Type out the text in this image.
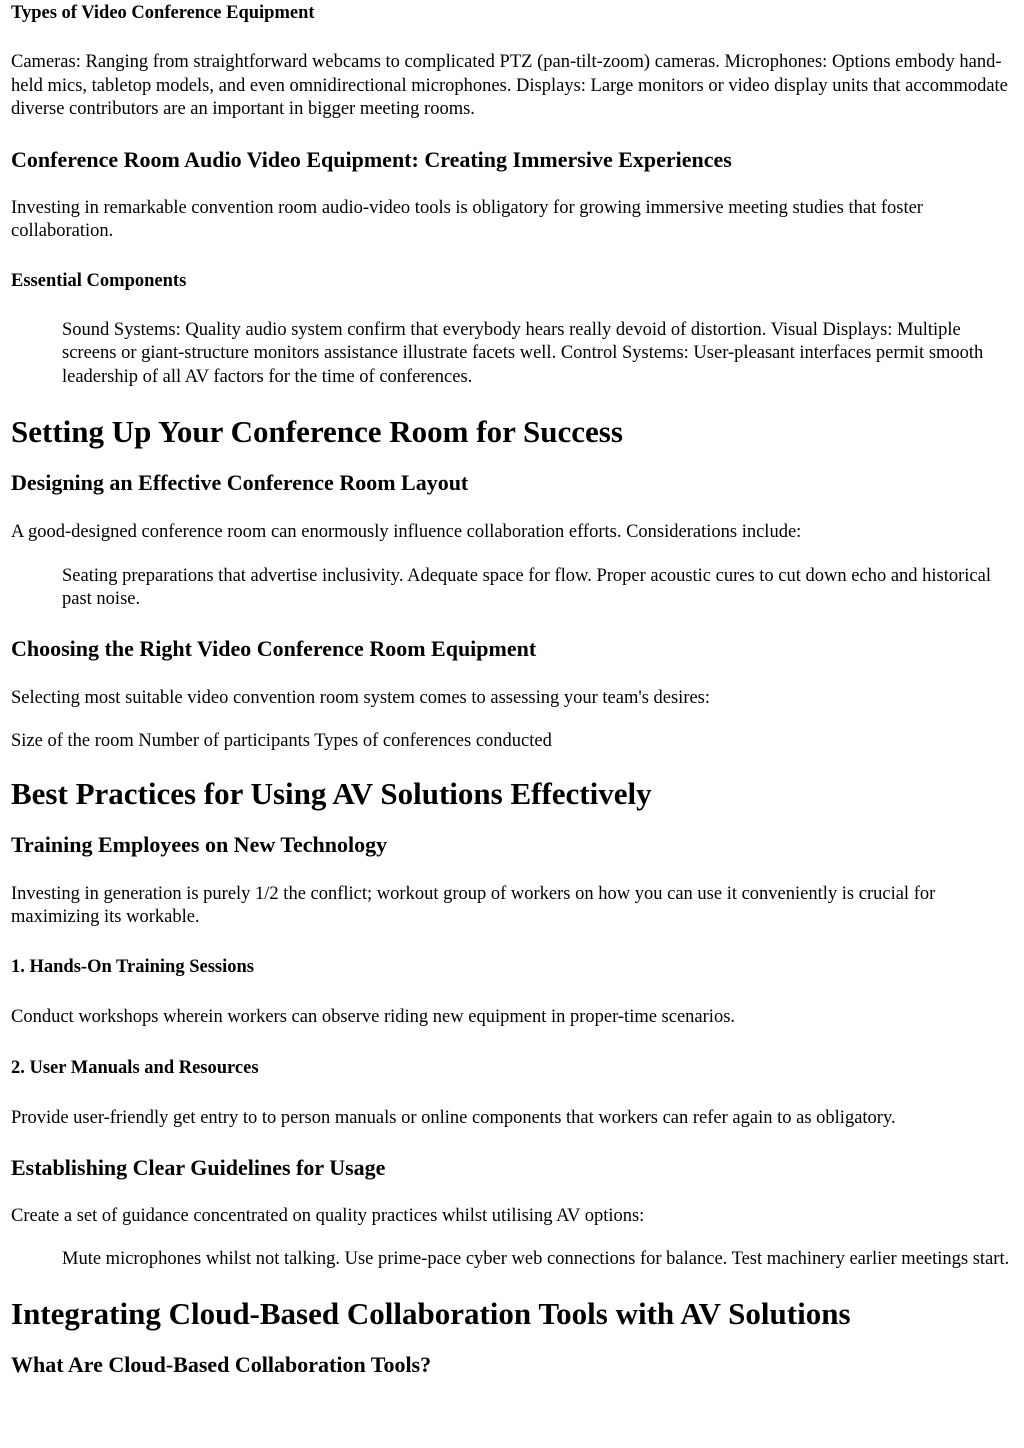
Types of Video Conference Equipment

Cameras: Ranging from straightforward webcams to complicated PTZ (pan-tilt-zoom) cameras. Microphones: Options embody hand-held mics, tabletop models, and even omnidirectional microphones. Displays: Large monitors or video display units that accommodate diverse contributors are an important in bigger meeting rooms.

Conference Room Audio Video Equipment: Creating Immersive Experiences

Investing in remarkable convention room audio-video tools is obligatory for growing immersive meeting studies that foster collaboration.

Essential Components
Sound Systems: Quality audio system confirm that everybody hears really devoid of distortion. Visual Displays: Multiple screens or giant-structure monitors assistance illustrate facets well. Control Systems: User-pleasant interfaces permit smooth leadership of all AV factors for the time of conferences.
Setting Up Your Conference Room for Success
Designing an Effective Conference Room Layout

A good-designed conference room can enormously influence collaboration efforts. Considerations include:

Seating preparations that advertise inclusivity. Adequate space for flow. Proper acoustic cures to cut down echo and historical past noise.
Choosing the Right Video Conference Room Equipment

Selecting most suitable video convention room system comes to assessing your team's desires:

Size of the room Number of participants Types of conferences conducted

Best Practices for Using AV Solutions Effectively
Training Employees on New Technology

Investing in generation is purely 1/2 the conflict; workout group of workers on how you can use it conveniently is crucial for maximizing its workable.

1. Hands-On Training Sessions

Conduct workshops wherein workers can observe riding new equipment in proper-time scenarios.

2. User Manuals and Resources

Provide user-friendly get entry to to person manuals or online components that workers can refer again to as obligatory.

Establishing Clear Guidelines for Usage

Create a set of guidance concentrated on quality practices whilst utilising AV options:

Mute microphones whilst not talking. Use prime-pace cyber web connections for balance. Test machinery earlier meetings start.
Integrating Cloud-Based Collaboration Tools with AV Solutions
What Are Cloud-Based Collaboration Tools?
